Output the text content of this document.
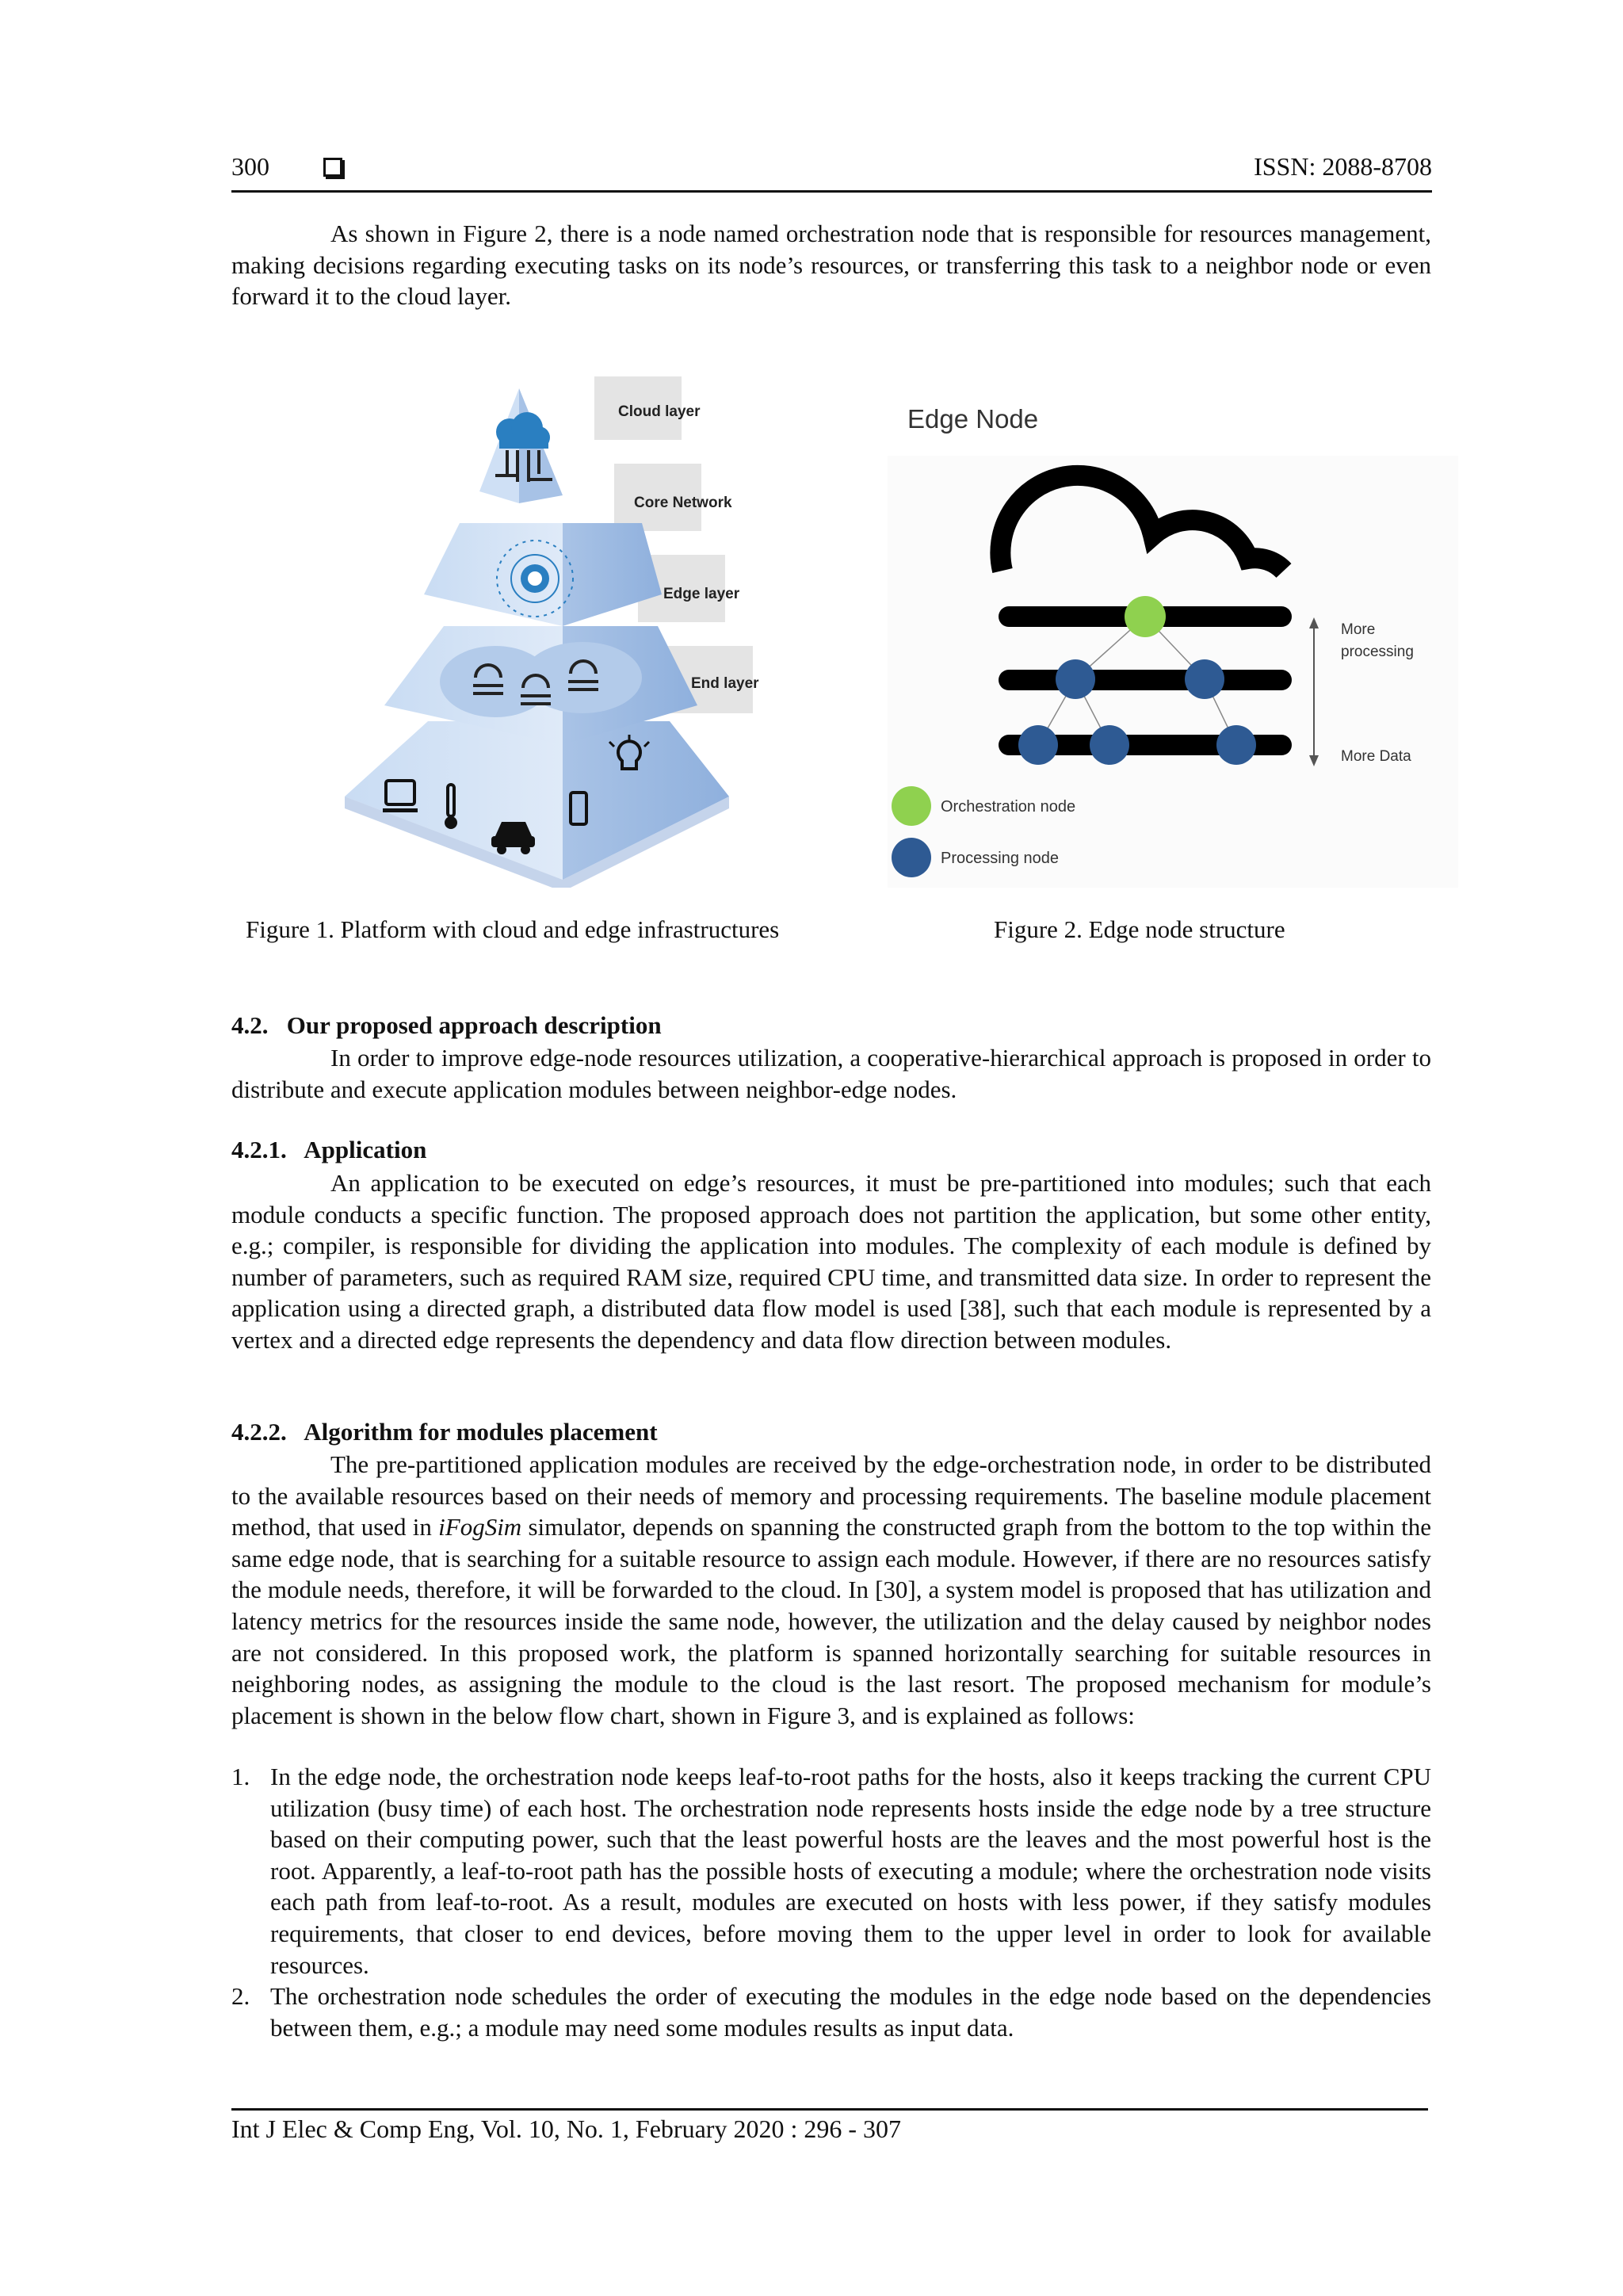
300	ISSN: 2088-8708
As shown in Figure 2, there is a node named orchestration node that is responsible for resources management, making decisions regarding executing tasks on its node’s resources, or transferring this task to a neighbor node or even forward it to the cloud layer.
Cloud layer
Core Network
Edge layer
End layer
Edge Node
More
processing
More Data
Orchestration node
Processing node
Figure 1. Platform with cloud and edge infrastructures	Figure 2. Edge node structure
4.2.   Our proposed approach description
In order to improve edge-node resources utilization, a cooperative-hierarchical approach is proposed in order to distribute and execute application modules between neighbor-edge nodes.
4.2.1.   Application
An application to be executed on edge’s resources, it must be pre-partitioned into modules; such that each module conducts a specific function. The proposed approach does not partition the application, but some other entity, e.g.; compiler, is responsible for dividing the application into modules. The complexity of each module is defined by number of parameters, such as required RAM size, required CPU time, and transmitted data size. In order to represent the application using a directed graph, a distributed data flow model is used [38], such that each module is represented by a vertex and a directed edge represents the dependency and data flow direction between modules.
4.2.2.   Algorithm for modules placement
The pre-partitioned application modules are received by the edge-orchestration node, in order to be distributed to the available resources based on their needs of memory and processing requirements. The baseline module placement method, that used in iFogSim simulator, depends on spanning the constructed graph from the bottom to the top within the same edge node, that is searching for a suitable resource to assign each module. However, if there are no resources satisfy the module needs, therefore, it will be forwarded to the cloud. In [30], a system model is proposed that has utilization and latency metrics for the resources inside the same node, however, the utilization and the delay caused by neighbor nodes are not considered. In this proposed work, the platform is spanned horizontally searching for suitable resources in neighboring nodes, as assigning the module to the cloud is the last resort. The proposed mechanism for module’s placement is shown in the below flow chart, shown in Figure 3, and is explained as follows:
In the edge node, the orchestration node keeps leaf-to-root paths for the hosts, also it keeps tracking the current CPU utilization (busy time) of each host. The orchestration node represents hosts inside the edge node by a tree structure based on their computing power, such that the least powerful hosts are the leaves and the most powerful host is the root. Apparently, a leaf-to-root path has the possible hosts of executing a module; where the orchestration node visits each path from leaf-to-root. As a result, modules are executed on hosts with less power, if they satisfy modules requirements, that closer to end devices, before moving them to the upper level in order to look for available resources.
The orchestration node schedules the order of executing the modules in the edge node based on the dependencies between them, e.g.; a module may need some modules results as input data.
Int J Elec & Comp Eng, Vol. 10, No. 1, February 2020 : 296 - 307
